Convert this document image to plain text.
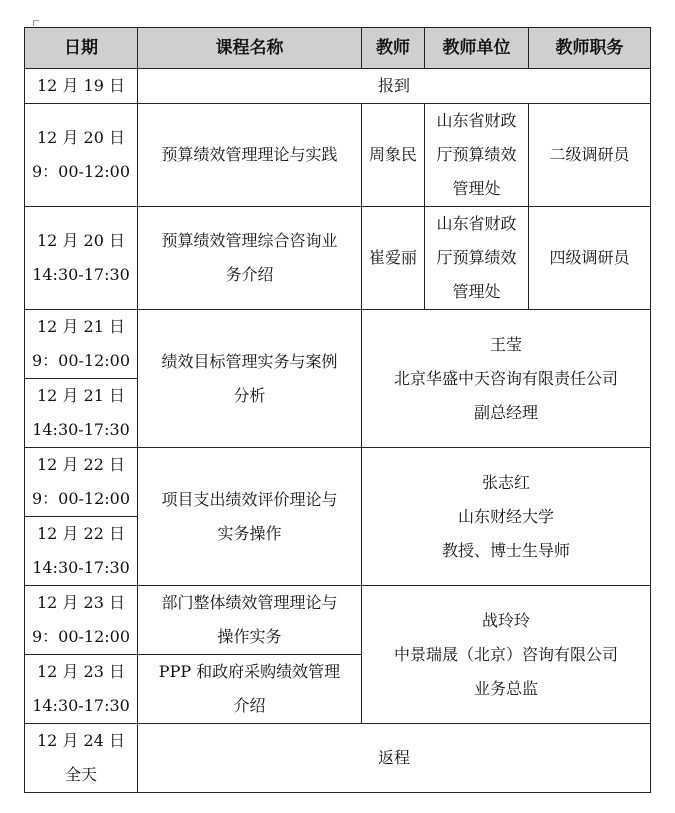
日期	课程名称	教师	教师单位	教师职务
12 月 19 日	报到			

12 月 20 日
9：00-12:00	预算绩效管理理论与实践	周象民	山东省财政
厅预算绩效
管理处	二级调研员

12 月 20 日
14:30-17:30	预算绩效管理综合咨询业
务介绍	崔爱丽	山东省财政
厅预算绩效
管理处	四级调研员

12 月 21 日
9：00-12:00	绩效目标管理实务与案例
分析	王莹
北京华盛中天咨询有限责任公司
副总经理		

12 月 21 日
14:30-17:30				

12 月 22 日
9：00-12:00	项目支出绩效评价理论与
实务操作	张志红
山东财经大学
教授、博士生导师		

12 月 22 日
14:30-17:30				

12 月 23 日
9：00-12:00	部门整体绩效管理理论与
操作实务	战玲玲
中景瑞晟（北京）咨询有限公司
业务总监		

12 月 23 日
14:30-17:30	PPP 和政府采购绩效管理
介绍			

12 月 24 日
全天	返程			
